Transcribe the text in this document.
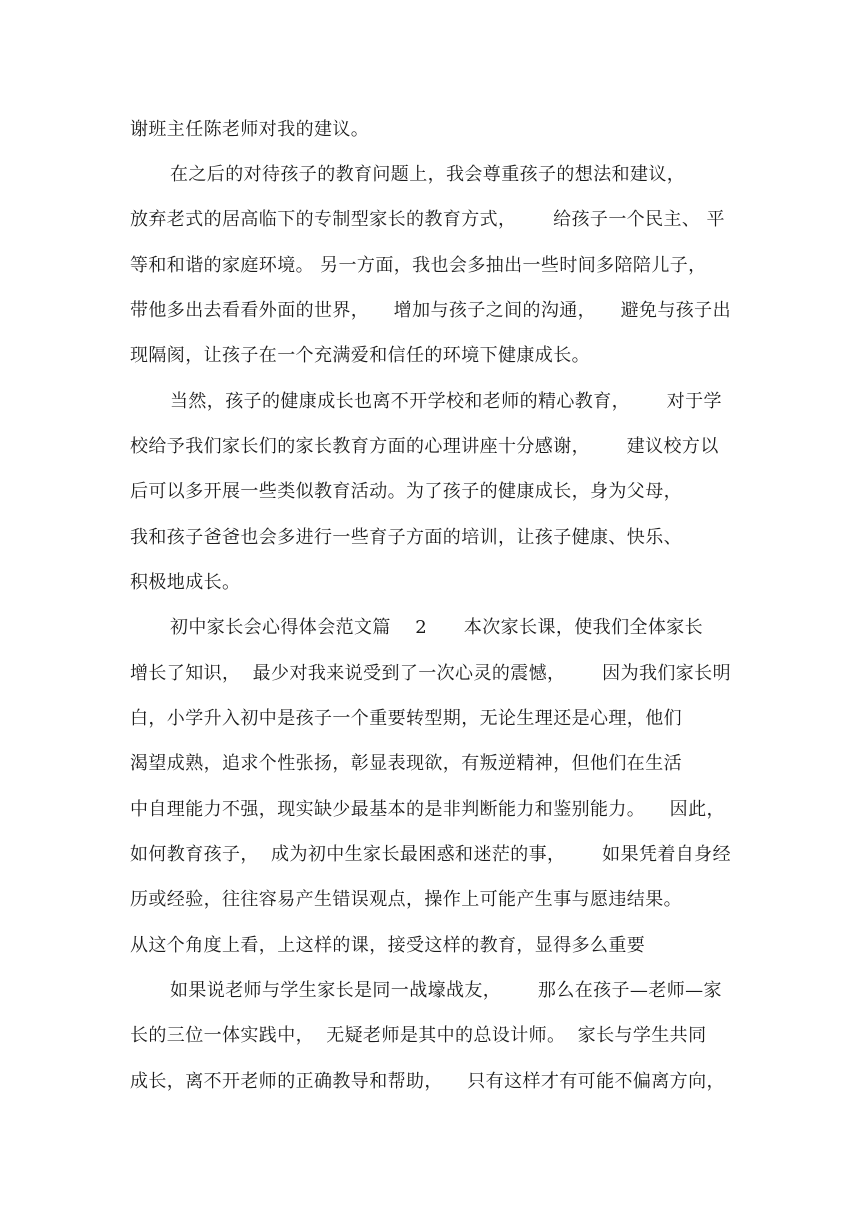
谢班主任陈老师对我的建议。
在之后的对待孩子的教育问题上，我会尊重孩子的想法和建议，
放弃老式的居高临下的专制型家长的教育方式，      给孩子一个民主、 平
等和和谐的家庭环境。 另一方面，我也会多抽出一些时间多陪陪儿子，
带他多出去看看外面的世界，    增加与孩子之间的沟通，    避免与孩子出
现隔阂，让孩子在一个充满爱和信任的环境下健康成长。
当然，孩子的健康成长也离不开学校和老师的精心教育，      对于学
校给予我们家长们的家长教育方面的心理讲座十分感谢，      建议校方以
后可以多开展一些类似教育活动。为了孩子的健康成长，身为父母，
我和孩子爸爸也会多进行一些育子方面的培训，让孩子健康、快乐、
积极地成长。
初中家长会心得体会范文篇    2      本次家长课，使我们全体家长
增长了知识，  最少对我来说受到了一次心灵的震憾，      因为我们家长明
白，小学升入初中是孩子一个重要转型期，无论生理还是心理，他们
渴望成熟，追求个性张扬，彰显表现欲，有叛逆精神，但他们在生活
中自理能力不强，现实缺少最基本的是非判断能力和鉴别能力。    因此，
如何教育孩子，  成为初中生家长最困惑和迷茫的事，      如果凭着自身经
历或经验，往往容易产生错误观点，操作上可能产生事与愿违结果。
从这个角度上看，上这样的课，接受这样的教育，显得多么重要
如果说老师与学生家长是同一战壕战友，      那么在孩子—老师—家
长的三位一体实践中，  无疑老师是其中的总设计师。  家长与学生共同
成长，离不开老师的正确教导和帮助，    只有这样才有可能不偏离方向，
